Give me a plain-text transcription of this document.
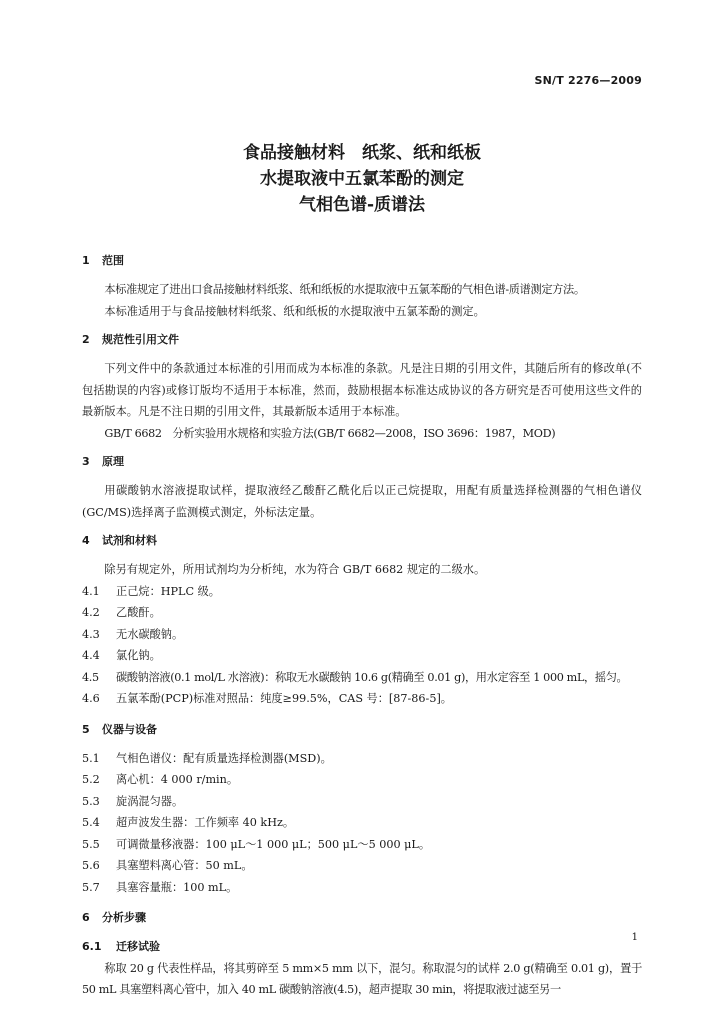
SN/T 2276—2009
食品接触材料　纸浆、纸和纸板
水提取液中五氯苯酚的测定
气相色谱-质谱法
1 范围

本标准规定了进出口食品接触材料纸浆、纸和纸板的水提取液中五氯苯酚的气相色谱-质谱测定方法。

本标准适用于与食品接触材料纸浆、纸和纸板的水提取液中五氯苯酚的测定。

2 规范性引用文件

下列文件中的条款通过本标准的引用而成为本标准的条款。凡是注日期的引用文件，其随后所有的修改单(不包括勘误的内容)或修订版均不适用于本标准，然而，鼓励根据本标准达成协议的各方研究是否可使用这些文件的最新版本。凡是不注日期的引用文件，其最新版本适用于本标准。

GB/T 6682　分析实验用水规格和实验方法(GB/T 6682—2008，ISO 3696：1987，MOD)

3 原理

用碳酸钠水溶液提取试样，提取液经乙酸酐乙酰化后以正己烷提取，用配有质量选择检测器的气相色谱仪(GC/MS)选择离子监测模式测定，外标法定量。

4 试剂和材料

除另有规定外，所用试剂均为分析纯，水为符合 GB/T 6682 规定的二级水。

4.1 正己烷：HPLC 级。
4.2 乙酸酐。
4.3 无水碳酸钠。
4.4 氯化钠。
4.5 碳酸钠溶液(0.1 mol/L 水溶液)：称取无水碳酸钠 10.6 g(精确至 0.01 g)，用水定容至 1 000 mL，摇匀。
4.6 五氯苯酚(PCP)标准对照品：纯度≥99.5%，CAS 号：[87-86-5]。
5 仪器与设备
5.1 气相色谱仪：配有质量选择检测器(MSD)。
5.2 离心机：4 000 r/min。
5.3 旋涡混匀器。
5.4 超声波发生器：工作频率 40 kHz。
5.5 可调微量移液器：100 μL～1 000 μL；500 μL～5 000 μL。
5.6 具塞塑料离心管：50 mL。
5.7 具塞容量瓶：100 mL。
6 分析步骤
6.1 迁移试验

称取 20 g 代表性样品，将其剪碎至 5 mm×5 mm 以下，混匀。称取混匀的试样 2.0 g(精确至 0.01 g)，置于 50 mL 具塞塑料离心管中，加入 40 mL 碳酸钠溶液(4.5)，超声提取 30 min，将提取液过滤至另一

1
